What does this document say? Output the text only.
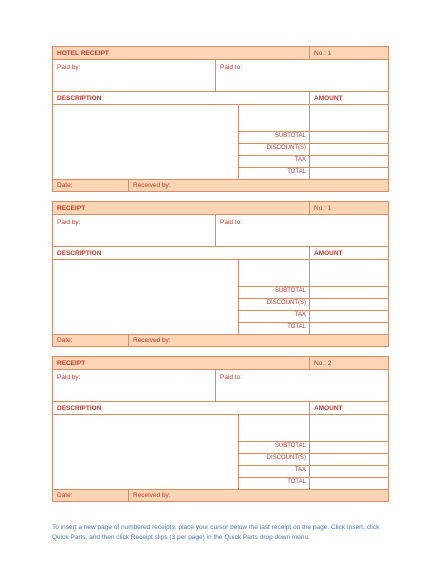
HOTEL RECEIPT	No.: 1
Paid by:	Paid to:
DESCRIPTION	AMOUNT
SUBTOTAL
DISCOUNT(S)
TAX
TOTAL
Date:	Received by:
RECEIPT	No.: 1
Paid by:	Paid to:
DESCRIPTION	AMOUNT
SUBTOTAL
DISCOUNT(S)
TAX
TOTAL
Date:	Received by:
RECEIPT	No.: 2
Paid by:	Paid to:
DESCRIPTION	AMOUNT
SUBTOTAL
DISCOUNT(S)
TAX
TOTAL
Date:	Received by:
To insert a new page of numbered receipts, place your cursor below the last receipt on the page. Click Insert, click Quick Parts, and then click Receipt slips (3 per page) in the Quick Parts drop down menu.
